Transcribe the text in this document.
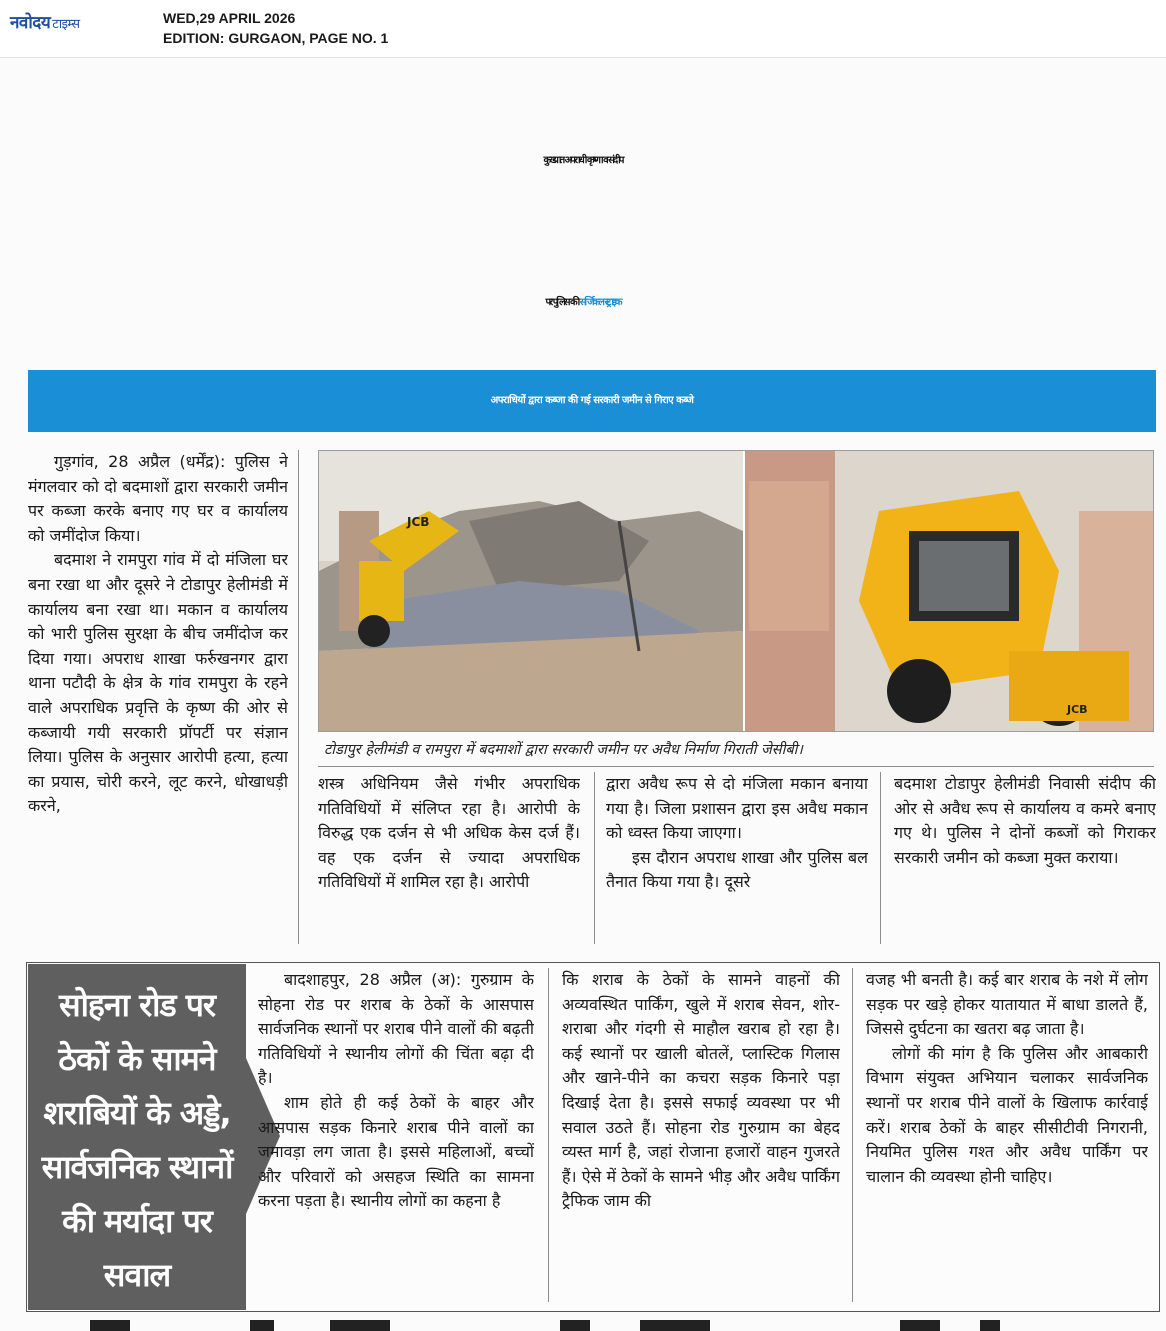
नवोदय टाइम्स	WED,29 APRIL 2026
EDITION: GURGAON, PAGE NO. 1
कुख्यात अपराधी कृष्णा व संदीप
पर पुलिस की सर्जिकल स्ट्राइक
अपराधियों द्वारा कब्जा की गई सरकारी जमीन से गिराए कब्जे

गुड़गांव, 28 अप्रैल (धर्मेंद्र): पुलिस ने मंगलवार को दो बदमाशों द्वारा सरकारी जमीन पर कब्जा करके बनाए गए घर व कार्यालय को जमींदोज किया।

बदमाश ने रामपुरा गांव में दो मंजिला घर बना रखा था और दूसरे ने टोडापुर हेलीमंडी में कार्यालय बना रखा था। मकान व कार्यालय को भारी पुलिस सुरक्षा के बीच जमींदोज कर दिया गया। अपराध शाखा फर्रुखनगर द्वारा थाना पटौदी के क्षेत्र के गांव रामपुरा के रहने वाले अपराधिक प्रवृत्ति के कृष्ण की ओर से कब्जायी गयी सरकारी प्रॉपर्टी पर संज्ञान लिया। पुलिस के अनुसार आरोपी हत्या, हत्या का प्रयास, चोरी करने, लूट करने, धोखाधड़ी करने,

JCB
JCB
टोडापुर हेलीमंडी व रामपुरा में बदमाशों द्वारा सरकारी जमीन पर अवैध निर्माण गिराती जेसीबी।

शस्त्र अधिनियम जैसे गंभीर अपराधिक गतिविधियों में संलिप्त रहा है। आरोपी के विरुद्ध एक दर्जन से भी अधिक केस दर्ज हैं। वह एक दर्जन से ज्यादा अपराधिक गतिविधियों में शामिल रहा है। आरोपी

द्वारा अवैध रूप से दो मंजिला मकान बनाया गया है। जिला प्रशासन द्वारा इस अवैध मकान को ध्वस्त किया जाएगा।

इस दौरान अपराध शाखा और पुलिस बल तैनात किया गया है। दूसरे

बदमाश टोडापुर हेलीमंडी निवासी संदीप की ओर से अवैध रूप से कार्यालय व कमरे बनाए गए थे। पुलिस ने दोनों कब्जों को गिराकर सरकारी जमीन को कब्जा मुक्त कराया।

सोहना रोड पर ठेकों के सामने शराबियों के अड्डे, सार्वजनिक स्थानों की मर्यादा पर सवाल

बादशाहपुर, 28 अप्रैल (अ): गुरुग्राम के सोहना रोड पर शराब के ठेकों के आसपास सार्वजनिक स्थानों पर शराब पीने वालों की बढ़ती गतिविधियों ने स्थानीय लोगों की चिंता बढ़ा दी है।

शाम होते ही कई ठेकों के बाहर और आसपास सड़क किनारे शराब पीने वालों का जमावड़ा लग जाता है। इससे महिलाओं, बच्चों और परिवारों को असहज स्थिति का सामना करना पड़ता है। स्थानीय लोगों का कहना है

कि शराब के ठेकों के सामने वाहनों की अव्यवस्थित पार्किंग, खुले में शराब सेवन, शोर-शराबा और गंदगी से माहौल खराब हो रहा है। कई स्थानों पर खाली बोतलें, प्लास्टिक गिलास और खाने-पीने का कचरा सड़क किनारे पड़ा दिखाई देता है। इससे सफाई व्यवस्था पर भी सवाल उठते हैं। सोहना रोड गुरुग्राम का बेहद व्यस्त मार्ग है, जहां रोजाना हजारों वाहन गुजरते हैं। ऐसे में ठेकों के सामने भीड़ और अवैध पार्किंग ट्रैफिक जाम की

वजह भी बनती है। कई बार शराब के नशे में लोग सड़क पर खड़े होकर यातायात में बाधा डालते हैं, जिससे दुर्घटना का खतरा बढ़ जाता है।

लोगों की मांग है कि पुलिस और आबकारी विभाग संयुक्त अभियान चलाकर सार्वजनिक स्थानों पर शराब पीने वालों के खिलाफ कार्रवाई करें। शराब ठेकों के बाहर सीसीटीवी निगरानी, नियमित पुलिस गश्त और अवैध पार्किंग पर चालान की व्यवस्था होनी चाहिए।
